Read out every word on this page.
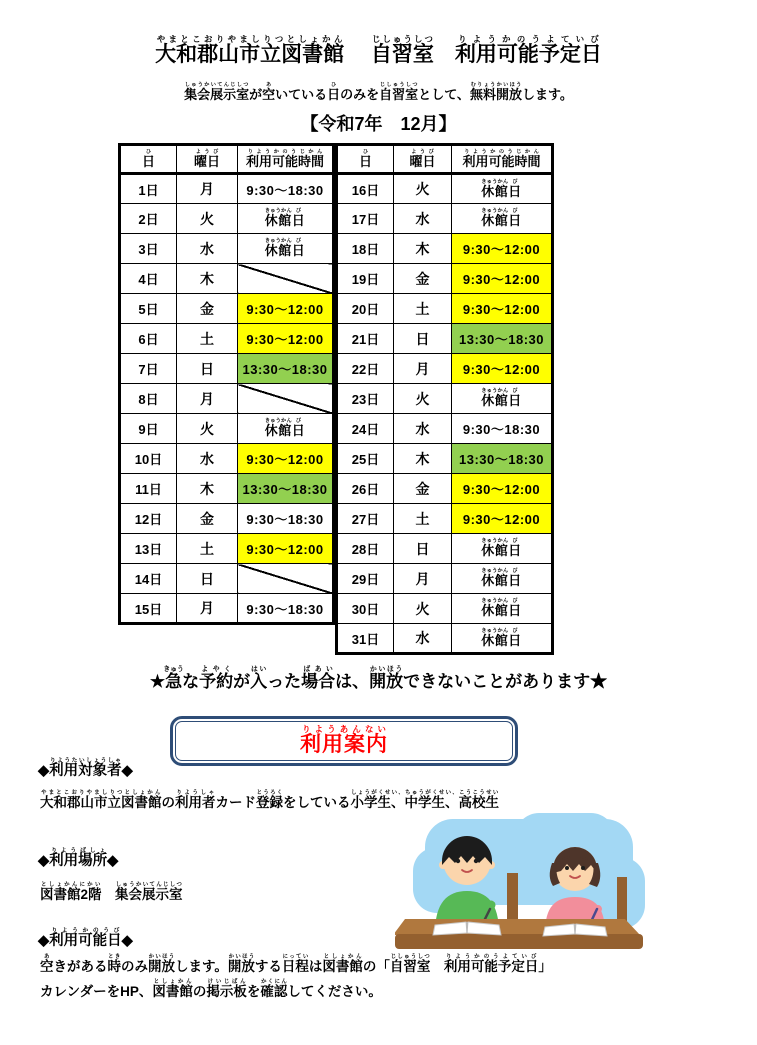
大和郡山市立図書館やまとこおりやましりつとしょかん　 自習室じしゅうしつ　利用可能予定日りようかのうよていび
集会展示室しゅうかいてんじしつが空あいている日ひのみを自習室じしゅうしつとして、無料開放むりょうかいほうします。
【令和7年　12月】
日ひ	曜日ようび	利用可能時間りようかのうじかん
1日	月	9:30～18:30
2日	火	休館きゅうかん日び
3日	水	休館きゅうかん日び
4日	木	
5日	金	9:30～12:00
6日	土	9:30～12:00
7日	日	13:30～18:30
8日	月	
9日	火	休館きゅうかん日び
10日	水	9:30～12:00
11日	木	13:30～18:30
12日	金	9:30～18:30
13日	土	9:30～12:00
14日	日	
15日	月	9:30～18:30
日ひ	曜日ようび	利用可能時間りようかのうじかん
16日	火	休館きゅうかん日び
17日	水	休館きゅうかん日び
18日	木	9:30～12:00
19日	金	9:30～12:00
20日	土	9:30～12:00
21日	日	13:30～18:30
22日	月	9:30～12:00
23日	火	休館きゅうかん日び
24日	水	9:30～18:30
25日	木	13:30～18:30
26日	金	9:30～12:00
27日	土	9:30～12:00
28日	日	休館きゅうかん日び
29日	月	休館きゅうかん日び
30日	火	休館きゅうかん日び
31日	水	休館きゅうかん日び
★急きゅうな予約よやくが入はいった場合ばあいは、開放かいほうできないことがあります★
利用案内りようあんない
◆利用対象者りようたいしょうしゃ◆
大和郡山市立図書館やまとこおりやましりつとしょかんの利用者りようしゃカード登録とうろくをしている小学生、中学生、高校生しょうがくせい、ちゅうがくせい、こうこうせい
◆利用場所りようばしょ◆
図書館2階としょかんにかい　集会展示室しゅうかいてんじしつ
◆利用可能日りようかのうび◆
空あきがある時ときのみ開放かいほうします。開放かいほうする日程にっていは図書館としょかんの「自習室じしゅうしつ　利用可能予定日りようかのうよていび」
カレンダーをHP、図書館としょかんの掲示板けいじばんを確認かくにんしてください。
